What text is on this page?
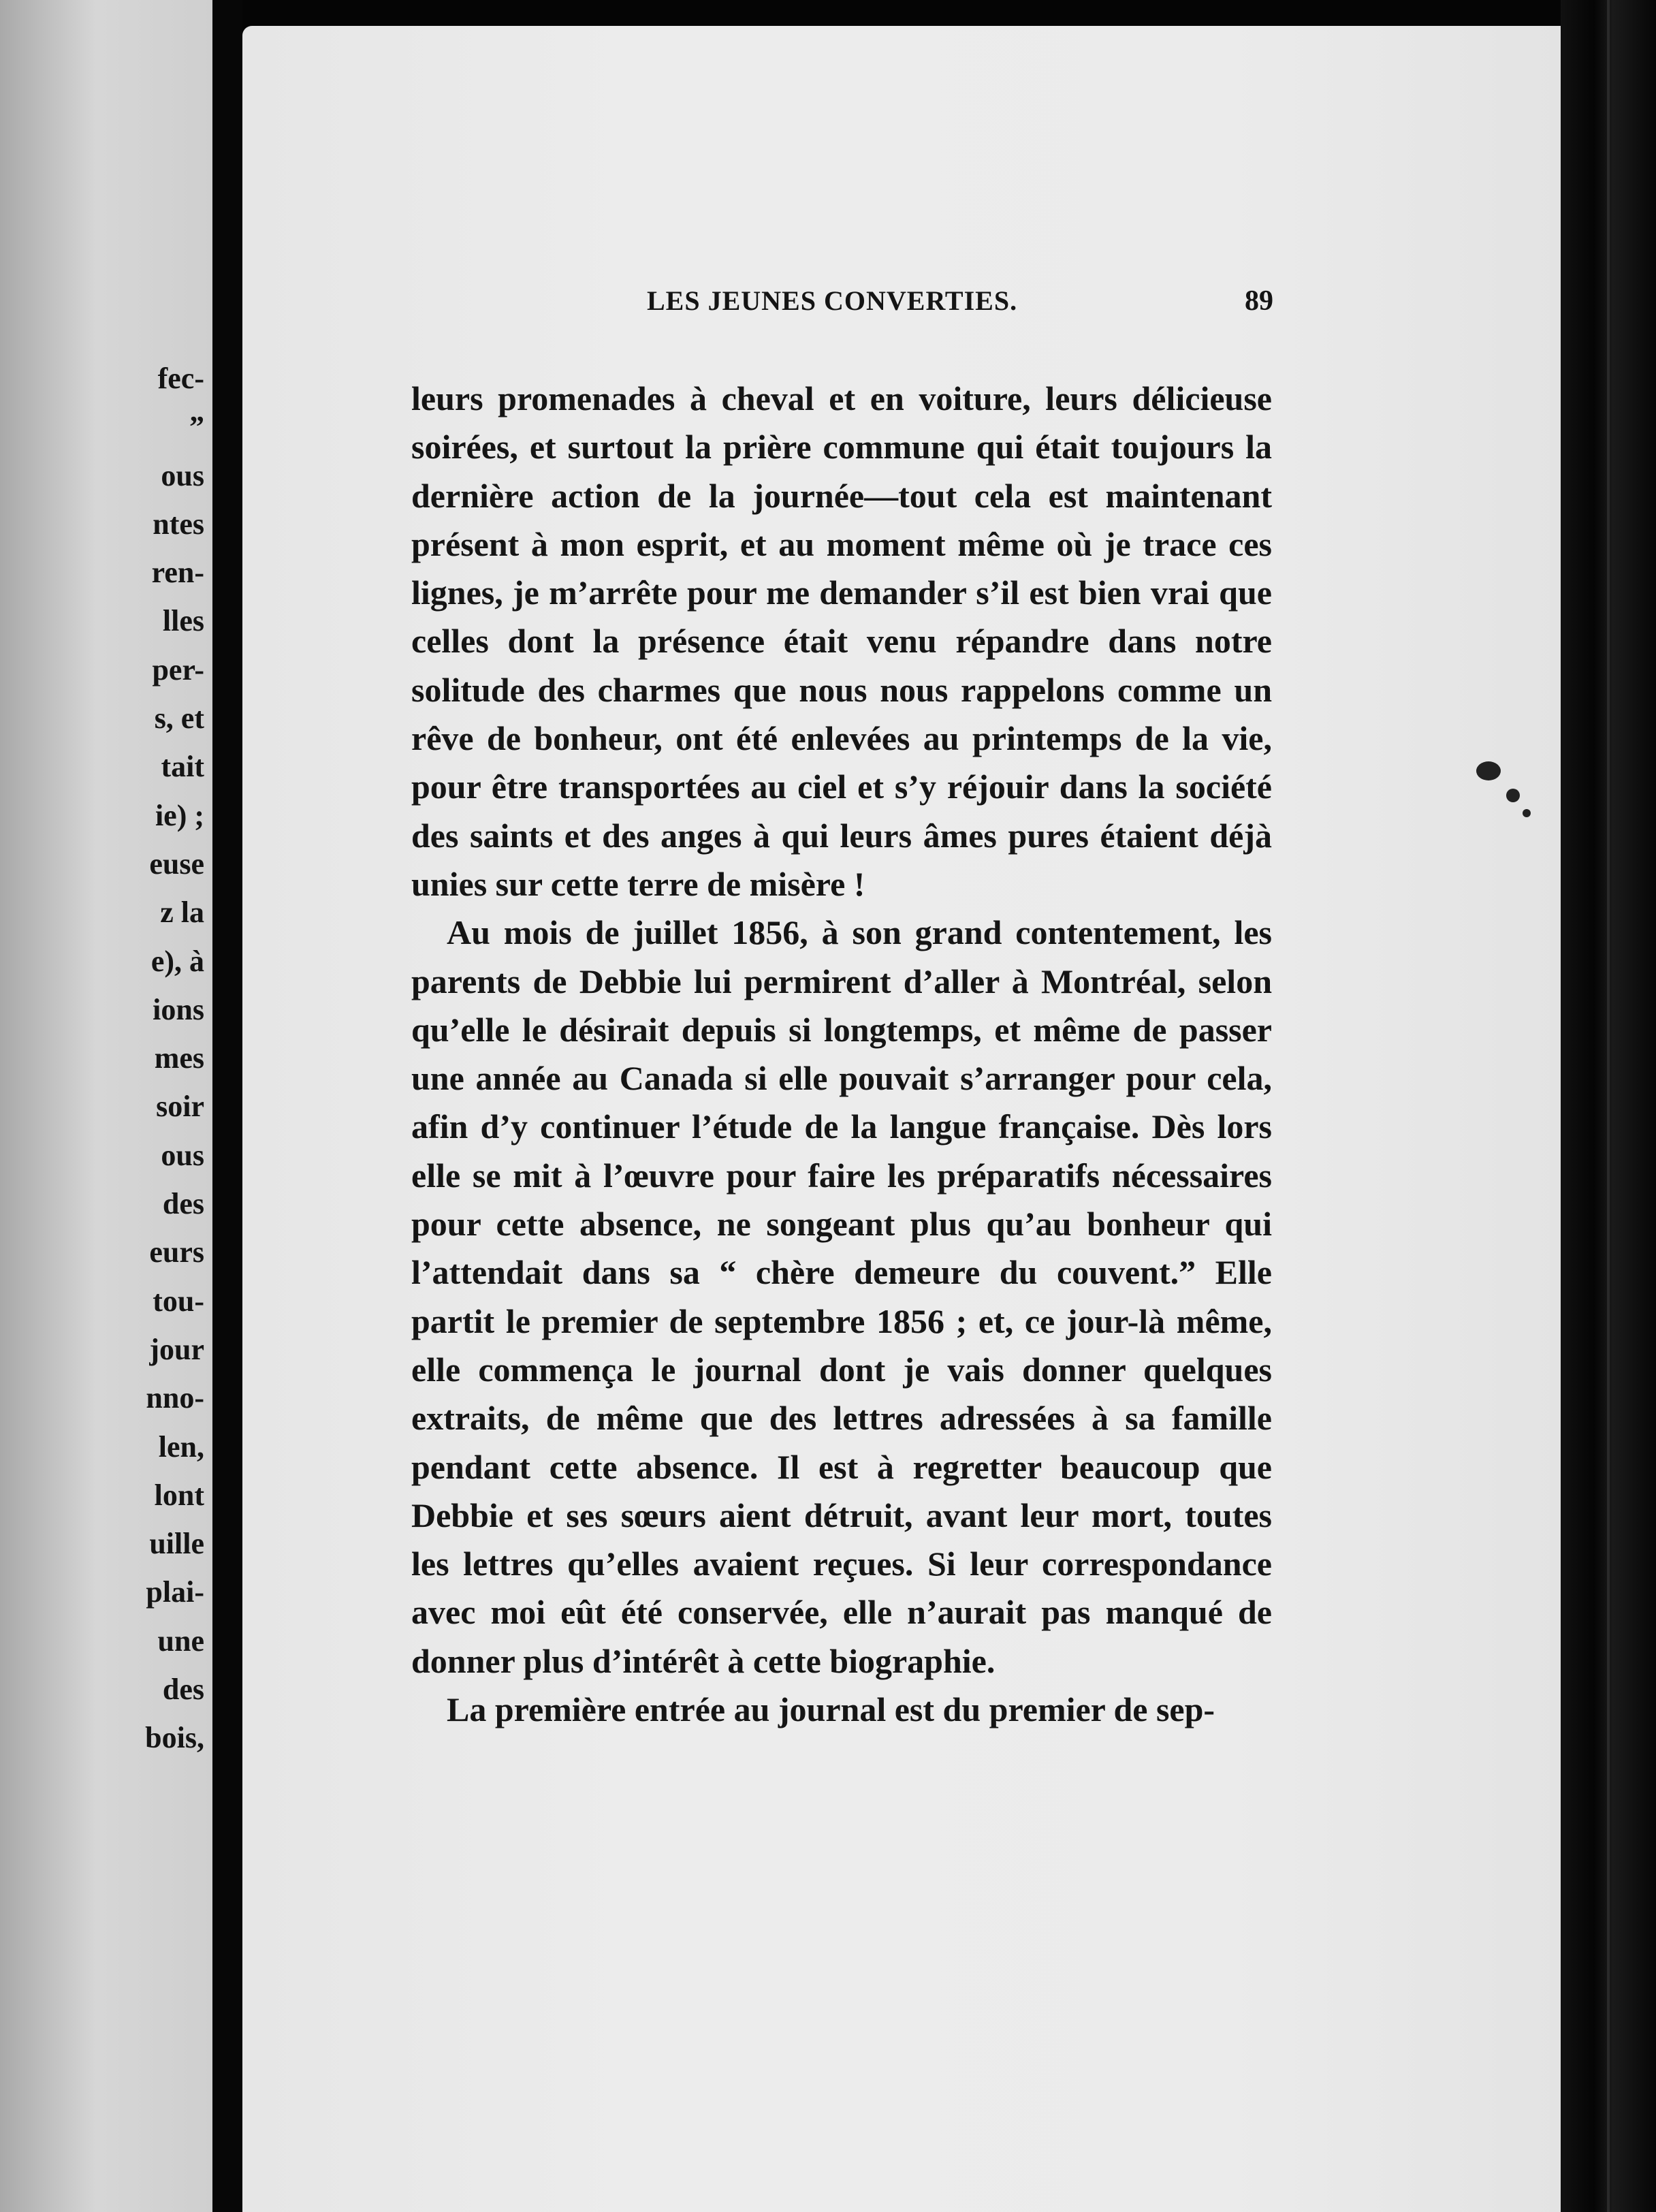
fec-
”
ous
ntes
ren-
lles
per-
s, et
tait
ie) ;
euse
z la
e), à
ions
mes
soir
ous
des
eurs
tou-
jour
nno-
len,
lont
uille
plai-
une
des
bois,
LES JEUNES CONVERTIES.	89

leurs promenades à cheval et en voiture, leurs délicieuse soirées, et surtout la prière commune qui était toujours la dernière action de la journée—tout cela est maintenant présent à mon esprit, et au moment même où je trace ces lignes, je m’arrête pour me demander s’il est bien vrai que celles dont la présence était venu répandre dans notre solitude des charmes que nous nous rappelons comme un rêve de bonheur, ont été enlevées au printemps de la vie, pour être transportées au ciel et s’y réjouir dans la société des saints et des anges à qui leurs âmes pures étaient déjà unies sur cette terre de misère !

Au mois de juillet 1856, à son grand contentement, les parents de Debbie lui permirent d’aller à Montréal, selon qu’elle le désirait depuis si longtemps, et même de passer une année au Canada si elle pouvait s’arranger pour cela, afin d’y continuer l’étude de la langue française. Dès lors elle se mit à l’œuvre pour faire les préparatifs nécessaires pour cette absence, ne songeant plus qu’au bonheur qui l’attendait dans sa “ chère demeure du couvent.” Elle partit le premier de septembre 1856 ; et, ce jour-là même, elle commença le journal dont je vais donner quelques extraits, de même que des lettres adressées à sa famille pendant cette absence. Il est à regretter beaucoup que Debbie et ses sœurs aient détruit, avant leur mort, toutes les lettres qu’elles avaient reçues. Si leur correspondance avec moi eût été conservée, elle n’aurait pas manqué de donner plus d’intérêt à cette biographie.

La première entrée au journal est du premier de sep-
